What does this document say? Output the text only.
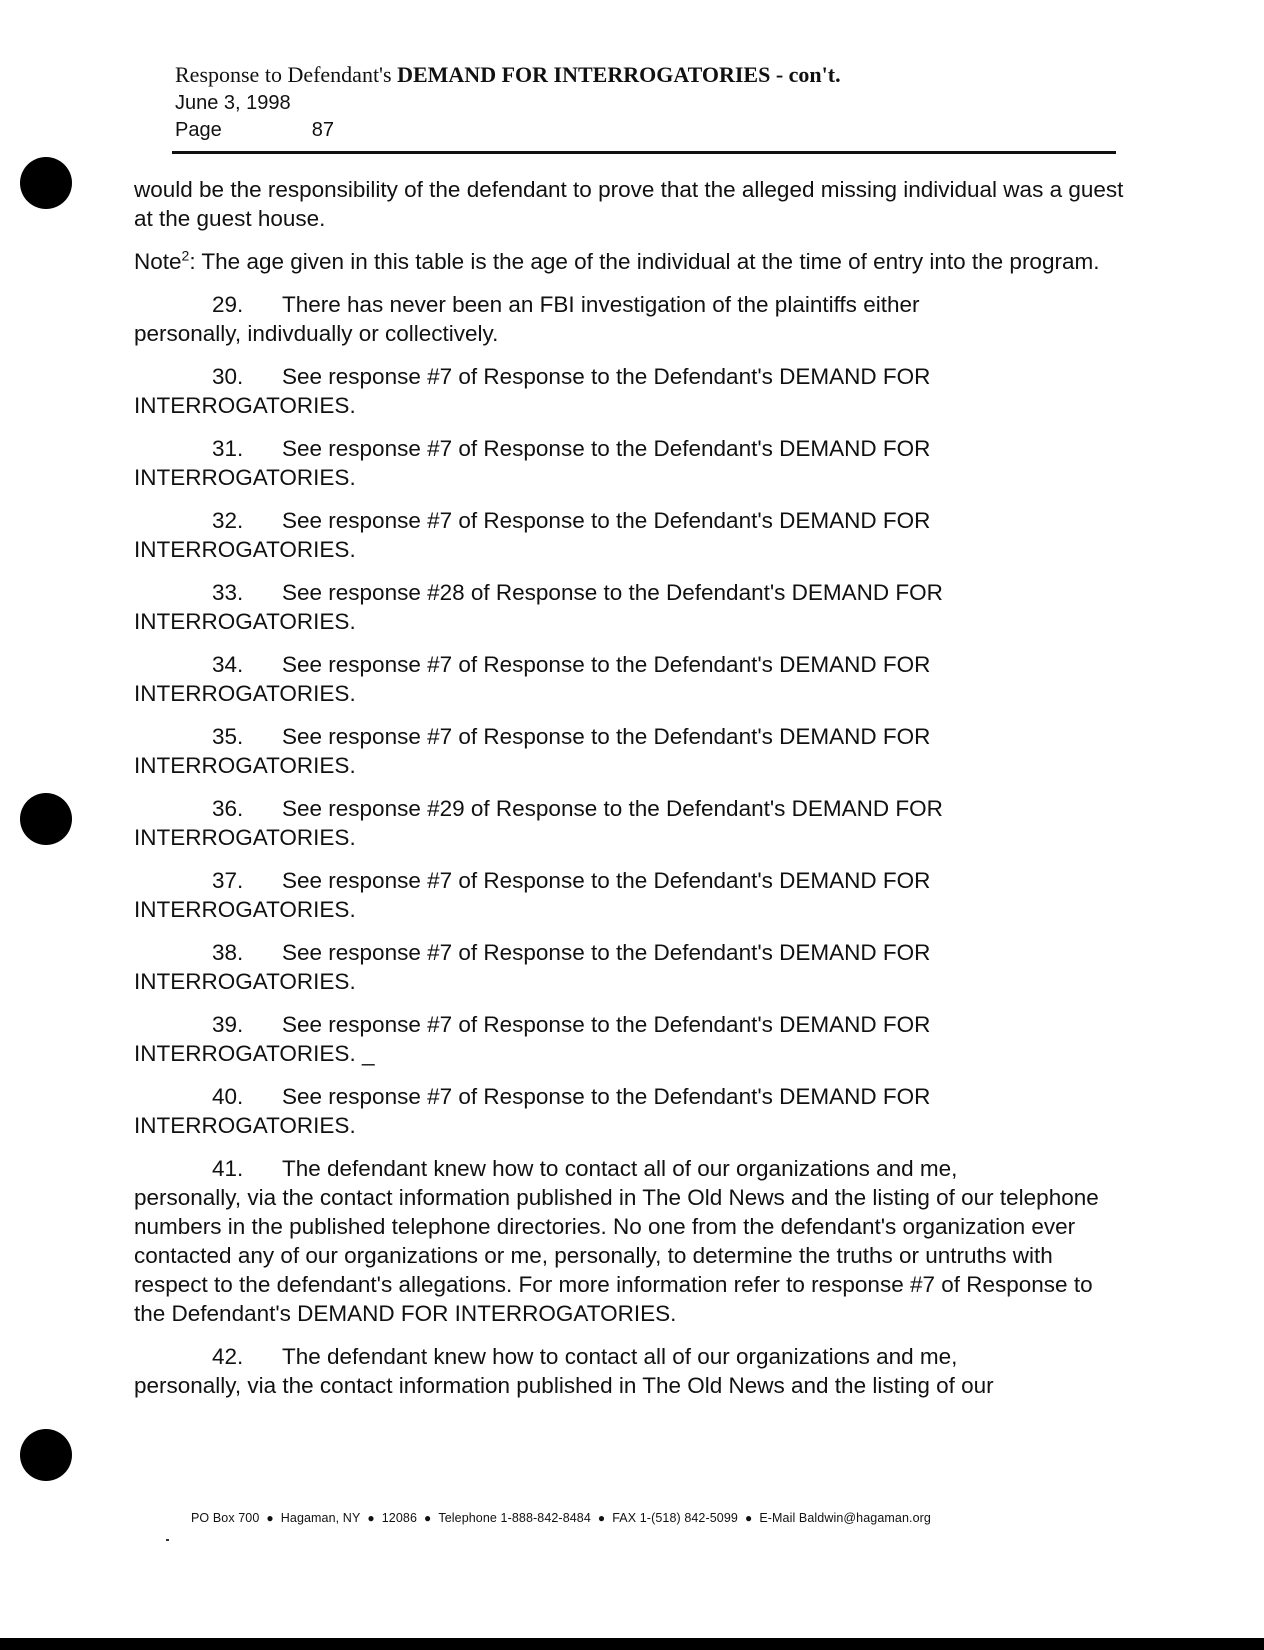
Response to Defendant's DEMAND FOR INTERROGATORIES - con't.
June 3, 1998
Page	87

would be the responsibility of the defendant to prove that the alleged missing individual was a guest at the guest house.

Note$^2$: The age given in this table is the age of the individual at the time of entry into the program.

29. There has never been an FBI investigation of the plaintiffs either
personally, indivdually or collectively.

30. See response #7 of Response to the Defendant's DEMAND FOR
INTERROGATORIES.

31. See response #7 of Response to the Defendant's DEMAND FOR
INTERROGATORIES.

32. See response #7 of Response to the Defendant's DEMAND FOR
INTERROGATORIES.

33. See response #28 of Response to the Defendant's DEMAND FOR
INTERROGATORIES.

34. See response #7 of Response to the Defendant's DEMAND FOR
INTERROGATORIES.

35. See response #7 of Response to the Defendant's DEMAND FOR
INTERROGATORIES.

36. See response #29 of Response to the Defendant's DEMAND FOR
INTERROGATORIES.

37. See response #7 of Response to the Defendant's DEMAND FOR
INTERROGATORIES.

38. See response #7 of Response to the Defendant's DEMAND FOR
INTERROGATORIES.

39. See response #7 of Response to the Defendant's DEMAND FOR
INTERROGATORIES. _

40. See response #7 of Response to the Defendant's DEMAND FOR
INTERROGATORIES.

41. The defendant knew how to contact all of our organizations and me,
personally, via the contact information published in The Old News and the listing of our telephone numbers in the published telephone directories. No one from the defendant's organization ever contacted any of our organizations or me, personally, to determine the truths or untruths with respect to the defendant's allegations. For more information refer to response #7 of Response to the Defendant's DEMAND FOR INTERROGATORIES.

42. The defendant knew how to contact all of our organizations and me,
personally, via the contact information published in The Old News and the listing of our

PO Box 700 ● Hagaman, NY ● 12086 ● Telephone 1-888-842-8484 ● FAX 1-(518) 842-5099 ● E-Mail Baldwin@hagaman.org
